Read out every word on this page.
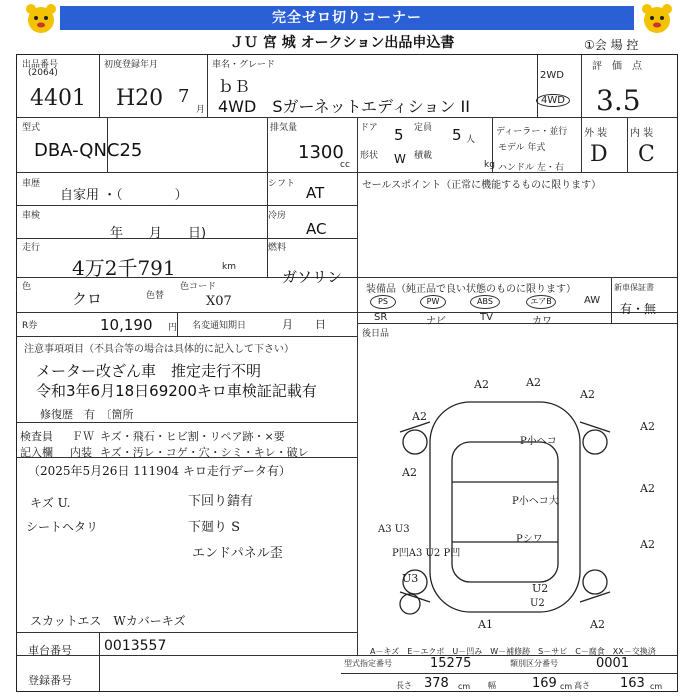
完全ゼロ切りコーナー
ＪＵ 宮 城 オークション出品申込書	①会 場 控
出品番号
(2064)
4401
初度登録年月
H20 7
月
車名・グレード
ｂＢ
4WD　Sガーネットエディション II
2WD
4WD
評　価　点
3.5
型式
DBA-QNC25
排気量
1300
cc
ドア 5 定員 5 人
ディーラー・並行
形状 W 積載
kg
モデル 年式
ハンドル 左・右
外 装 内 装
D C
車歴
自家用 ・（　　　　）
シフト AT
車検
年　　月　　日)
冷房
AC
走行
4万2千791	km
燃料
ガソリン
色
クロ	色替
色コード
X07
R券	10,190 円 名変通知期日	月　　日
セールスポイント（正常に機能するものに限ります）
装備品（純正品で良い状態のものに限ります）
PS	PW	ABS	エアB	AW
SR	ナビ	TV	カワ
新車保証書
有・無
後日品
注意事項項目（不具合等の場合は具体的に記入して下さい）
メーター改ざん車　推定走行不明
令和3年6月18日69200キロ車検証記載有
修復歴　有　〔箇所
検査員
記入欄
ＦＷ キズ・飛石・ヒビ割・リペア跡・×要
内装 キズ・汚レ・コゲ・穴・シミ・キレ・破レ
（2025年5月26日 111904 キロ走行データ有）
キズ U.
シートヘタリ
下回り錆有
下廻り S
エンドパネル歪
スカットエス　Wカバーキズ
A2	A2
A2
A2
A2
A2
A2
A2
A1	A2
U3
U2
A3 U3
P小ヘコ
P小ヘコ大
Pシワ
P凹A3 U2 P凹
U2
A－キズ　E－エクボ　U－凹み　W－補修跡　S－サビ　C－腐食　XX－交換済
車台番号 0013557
登録番号
型式指定番号	15275	類別区分番号	0001
長さ 378 cm 幅	169 cm 高さ 163 cm
